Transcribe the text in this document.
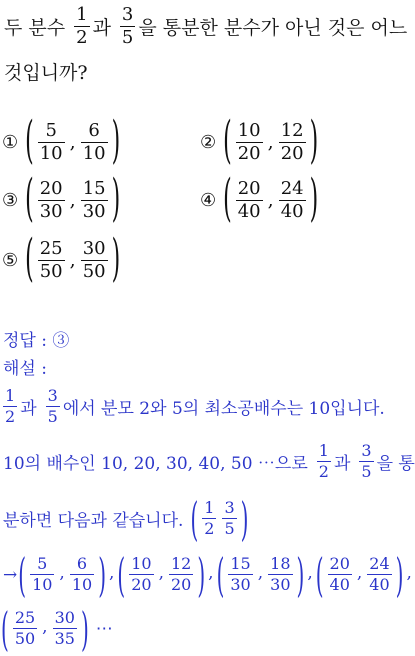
두 분수 $\frac{1}{2}$ 과 $\frac{3}{5}$ 을 통분한 분수가 아닌 것은 어느
것입니까?
① ( $\frac{5}{10}$ , $\frac{6}{10}$ )	② ( $\frac{10}{20}$ , $\frac{12}{20}$ )
③ ( $\frac{20}{30}$ , $\frac{15}{30}$ )	④ ( $\frac{20}{40}$ , $\frac{24}{40}$ )
⑤ ( $\frac{25}{50}$ , $\frac{30}{50}$ )
정답 : ③
해설 :
$\frac{1}{2}$ 과 $\frac{3}{5}$ 에서 분모 2와 5의 최소공배수는 10입니다.
10의 배수인 10, 20, 30, 40, 50 ⋯으로 $\frac{1}{2}$ 과 $\frac{3}{5}$ 을 통
분하면 다음과 같습니다. ( $\frac{1}{2} \frac{3}{5}$ )
→ ( $\frac{5}{10}$ , $\frac{6}{10}$ ) , ( $\frac{10}{20}$ , $\frac{12}{20}$ ) , ( $\frac{15}{30}$ , $\frac{18}{30}$ ) , ( $\frac{20}{40}$ , $\frac{24}{40}$ ) ,
( $\frac{25}{50}$ , $\frac{30}{35}$ ) ⋯
